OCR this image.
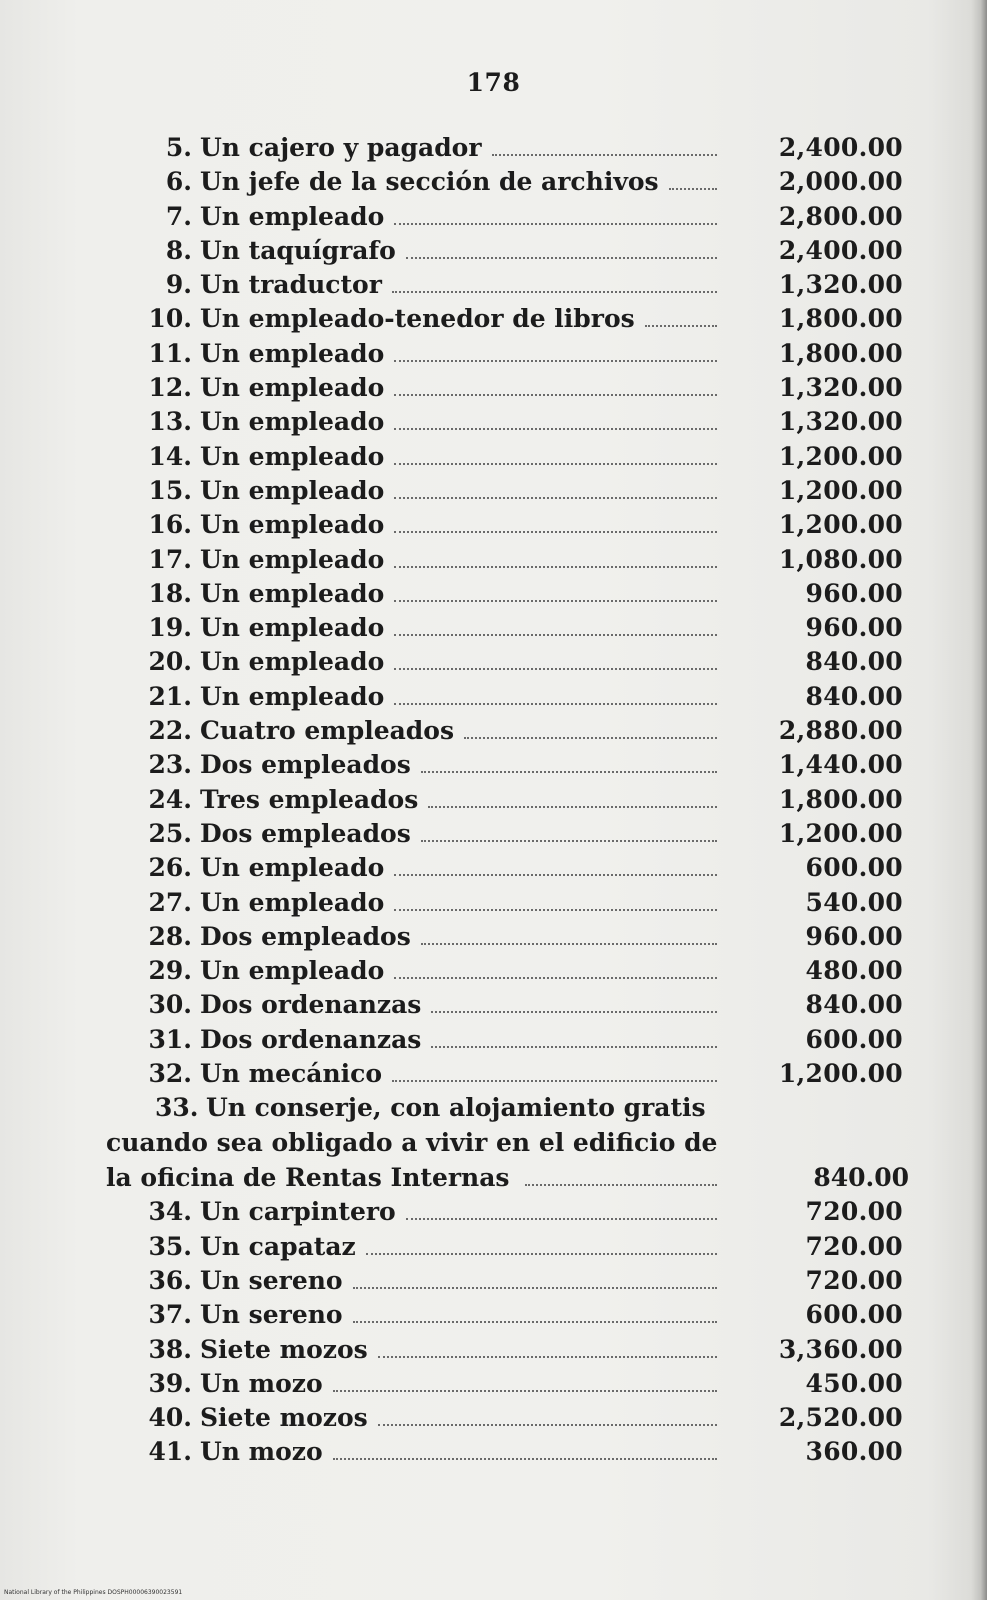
178
5. Un cajero y pagador	2,400.00
6. Un jefe de la sección de archivos	2,000.00
7. Un empleado	2,800.00
8. Un taquígrafo	2,400.00
9. Un traductor	1,320.00
10. Un empleado-tenedor de libros	1,800.00
11. Un empleado	1,800.00
12. Un empleado	1,320.00
13. Un empleado	1,320.00
14. Un empleado	1,200.00
15. Un empleado	1,200.00
16. Un empleado	1,200.00
17. Un empleado	1,080.00
18. Un empleado	960.00
19. Un empleado	960.00
20. Un empleado	840.00
21. Un empleado	840.00
22. Cuatro empleados	2,880.00
23. Dos empleados	1,440.00
24. Tres empleados	1,800.00
25. Dos empleados	1,200.00
26. Un empleado	600.00
27. Un empleado	540.00
28. Dos empleados	960.00
29. Un empleado	480.00
30. Dos ordenanzas	840.00
31. Dos ordenanzas	600.00
32. Un mecánico	1,200.00
33. Un conserje, con alojamiento gratis
cuando sea obligado a vivir en el edificio de
la oficina de Rentas Internas	840.00
34. Un carpintero	720.00
35. Un capataz	720.00
36. Un sereno	720.00
37. Un sereno	600.00
38. Siete mozos	3,360.00
39. Un mozo	450.00
40. Siete mozos	2,520.00
41. Un mozo	360.00
National Library of the Philippines DOSPH00006390023591
